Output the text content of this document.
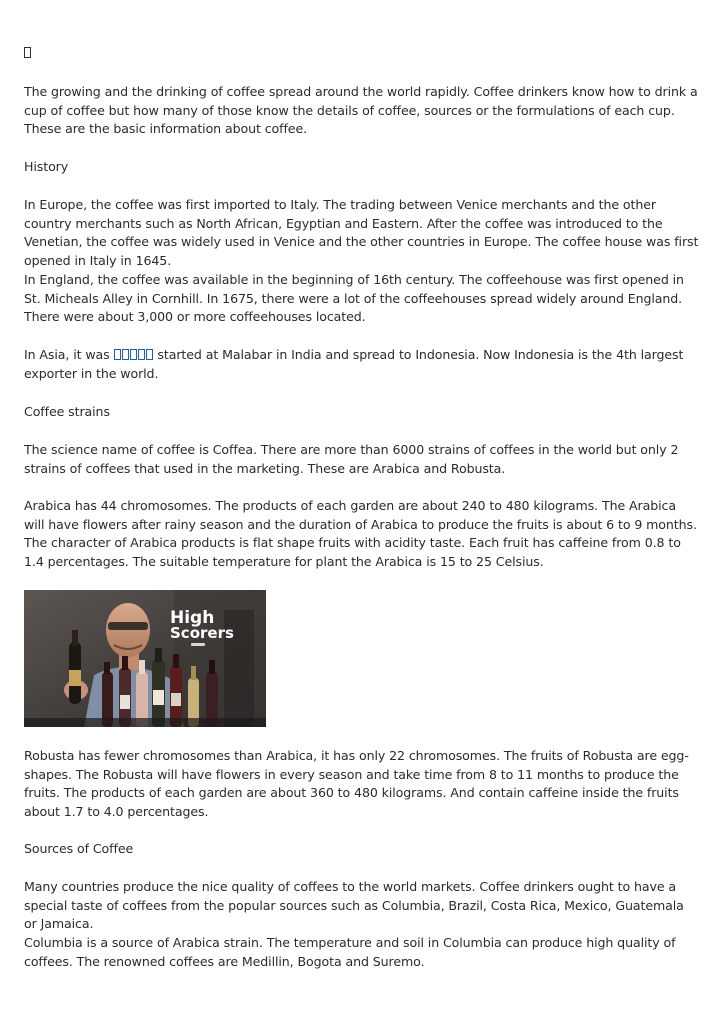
The growing and the drinking of coffee spread around the world rapidly. Coffee drinkers know how to drink a cup of coffee but how many of those know the details of coffee, sources or the formulations of each cup. These are the basic information about coffee.

History

In Europe, the coffee was first imported to Italy. The trading between Venice merchants and the other country merchants such as North African, Egyptian and Eastern. After the coffee was introduced to the Venetian, the coffee was widely used in Venice and the other countries in Europe. The coffee house was first opened in Italy in 1645.

In England, the coffee was available in the beginning of 16th century. The coffeehouse was first opened in St. Micheals Alley in Cornhill. In 1675, there were a lot of the coffeehouses spread widely around England. There were about 3,000 or more coffeehouses located.

In Asia, it was	started at Malabar in India and spread to Indonesia. Now Indonesia is the 4th largest exporter in the world.

Coffee strains

The science name of coffee is Coffea. There are more than 6000 strains of coffees in the world but only 2 strains of coffees that used in the marketing. These are Arabica and Robusta.

Arabica has 44 chromosomes. The products of each garden are about 240 to 480 kilograms. The Arabica will have flowers after rainy season and the duration of Arabica to produce the fruits is about 6 to 9 months. The character of Arabica products is flat shape fruits with acidity taste. Each fruit has caffeine from 0.8 to 1.4 percentages. The suitable temperature for plant the Arabica is 15 to 25 Celsius.

High
Scorers

Robusta has fewer chromosomes than Arabica, it has only 22 chromosomes. The fruits of Robusta are egg-shapes. The Robusta will have flowers in every season and take time from 8 to 11 months to produce the fruits. The products of each garden are about 360 to 480 kilograms. And contain caffeine inside the fruits about 1.7 to 4.0 percentages.

Sources of Coffee

Many countries produce the nice quality of coffees to the world markets. Coffee drinkers ought to have a special taste of coffees from the popular sources such as Columbia, Brazil, Costa Rica, Mexico, Guatemala or Jamaica.

Columbia is a source of Arabica strain. The temperature and soil in Columbia can produce high quality of coffees. The renowned coffees are Medillin, Bogota and Suremo.
